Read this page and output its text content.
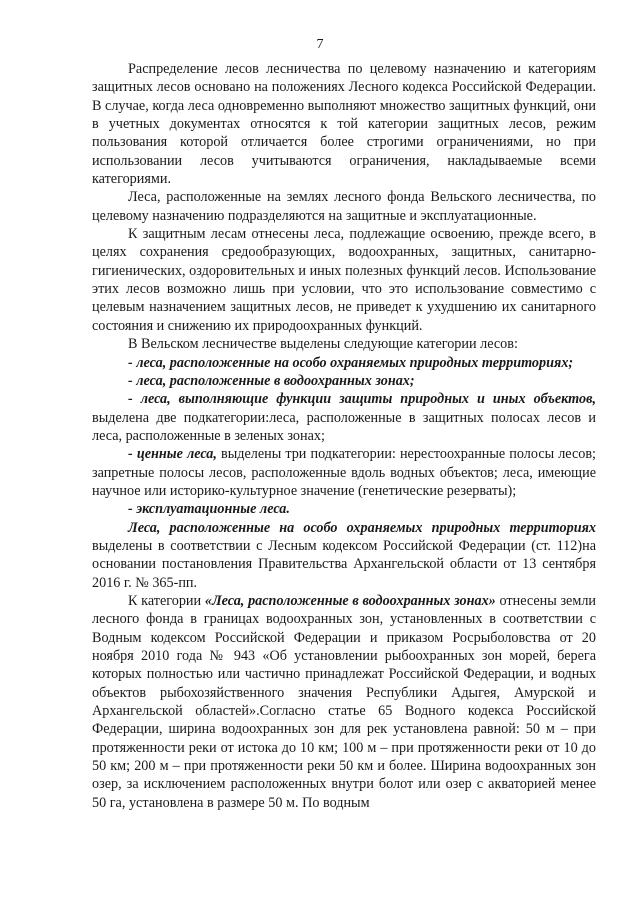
7

Распределение лесов лесничества по целевому назначению и категориям защитных лесов основано на положениях Лесного кодекса Российской Федерации. В случае, когда леса одновременно выполняют множество защитных функций, они в учетных документах относятся к той категории защитных лесов, режим пользования которой отличается более строгими ограничениями, но при использовании лесов учитываются ограничения, накладываемые всеми категориями.

Леса, расположенные на землях лесного фонда Вельского лесничества, по целевому назначению подразделяются на защитные и эксплуатационные.

К защитным лесам отнесены леса, подлежащие освоению, прежде всего, в целях сохранения средообразующих, водоохранных, защитных, санитарно-гигиенических, оздоровительных и иных полезных функций лесов. Использование этих лесов возможно лишь при условии, что это использование совместимо с целевым назначением защитных лесов, не приведет к ухудшению их санитарного состояния и снижению их природоохранных функций.

В Вельском лесничестве выделены следующие категории лесов:

- леса, расположенные на особо охраняемых природных территориях;

- леса, расположенные в водоохранных зонах;

- леса, выполняющие функции защиты природных и иных объектов, выделена две подкатегории:леса, расположенные в защитных полосах лесов и леса, расположенные в зеленых зонах;

- ценные леса, выделены три подкатегории: нерестоохранные полосы лесов; запретные полосы лесов, расположенные вдоль водных объектов; леса, имеющие научное или историко-культурное значение (генетические резерваты);

- эксплуатационные леса.

Леса, расположенные на особо охраняемых природных территориях выделены в соответствии с Лесным кодексом Российской Федерации (ст. 112)на основании постановления Правительства Архангельской области от 13 сентября 2016 г. № 365-пп.

К категории «Леса, расположенные в водоохранных зонах» отнесены земли лесного фонда в границах водоохранных зон, установленных в соответствии с Водным кодексом Российской Федерации и приказом Росрыболовства от 20 ноября 2010 года № 943 «Об установлении рыбоохранных зон морей, берега которых полностью или частично принадлежат Российской Федерации, и водных объектов рыбохозяйственного значения Республики Адыгея, Амурской и Архангельской областей».Согласно статье 65 Водного кодекса Российской Федерации, ширина водоохранных зон для рек установлена равной: 50 м – при протяженности реки от истока до 10 км; 100 м – при протяженности реки от 10 до 50 км; 200 м – при протяженности реки 50 км и более. Ширина водоохранных зон озер, за исключением расположенных внутри болот или озер с акваторией менее 50 га, установлена в размере 50 м. По водным
